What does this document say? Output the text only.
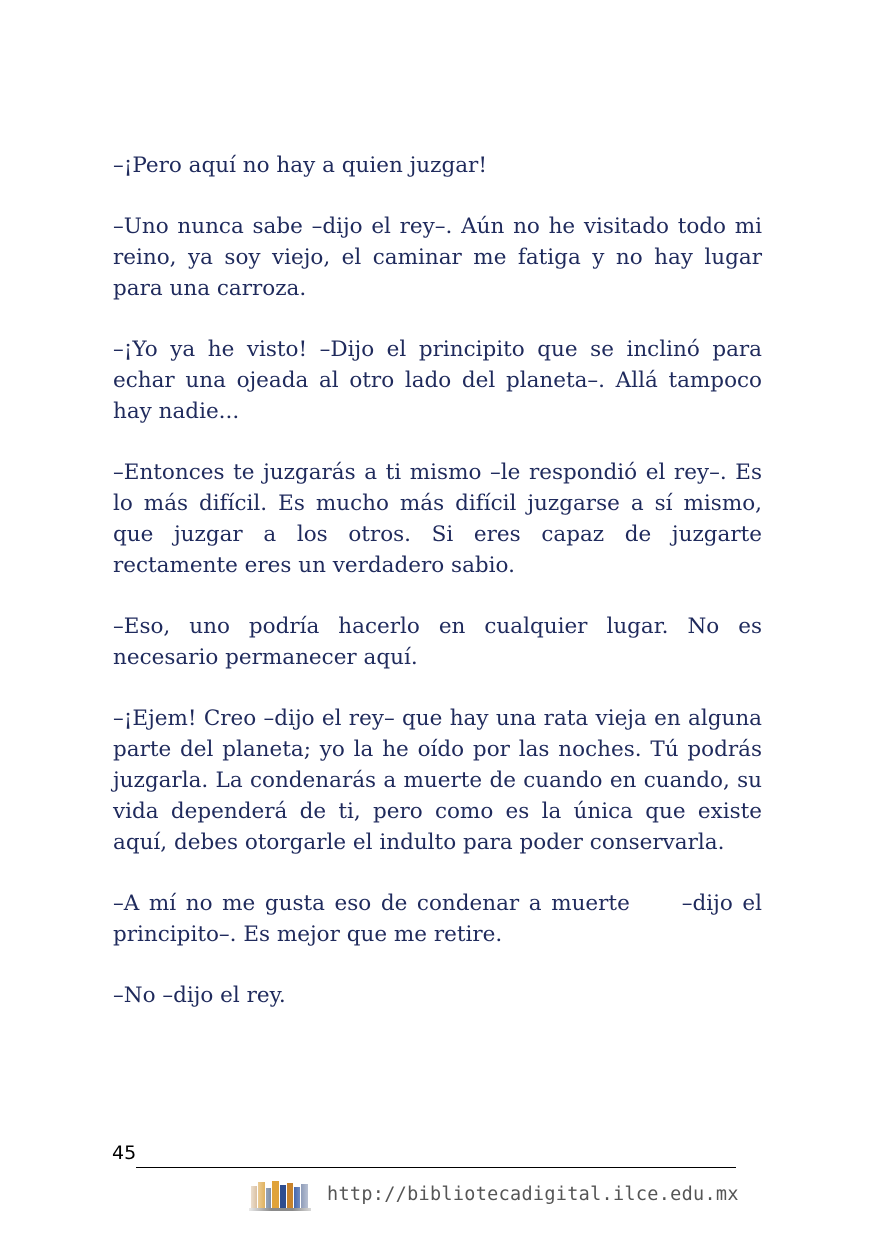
–¡Pero aquí no hay a quien juzgar!

–Uno nunca sabe –dijo el rey–. Aún no he visitado todo mi reino, ya soy viejo, el caminar me fatiga y no hay lugar para una carroza.

–¡Yo ya he visto! –Dijo el principito que se inclinó para echar una ojeada al otro lado del planeta–. Allá tampoco hay nadie...

–Entonces te juzgarás a ti mismo –le respondió el rey–. Es lo más difícil. Es mucho más difícil juzgarse a sí mismo, que juzgar a los otros. Si eres capaz de juzgarte rectamente eres un verdadero sabio.

–Eso, uno podría hacerlo en cualquier lugar. No es necesario permanecer aquí.

–¡Ejem! Creo –dijo el rey– que hay una rata vieja en alguna parte del planeta; yo la he oído por las noches. Tú podrás juzgarla. La condenarás a muerte de cuando en cuando, su vida dependerá de ti, pero como es la única que existe aquí, debes otorgarle el indulto para poder conservarla.

–A mí no me gusta eso de condenar a muerte –dijo el principito–. Es mejor que me retire.

–No –dijo el rey.

45
http://bibliotecadigital.ilce.edu.mx
